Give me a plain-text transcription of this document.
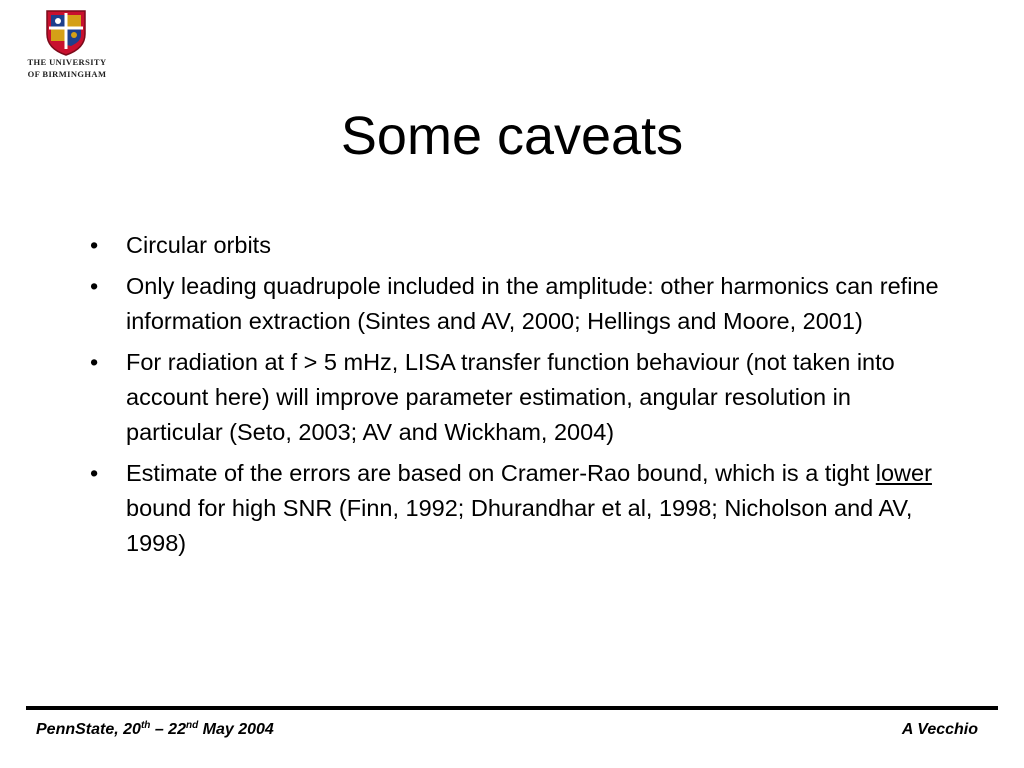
THE UNIVERSITY
OF BIRMINGHAM
Some caveats
•	Circular orbits
•	Only leading quadrupole included in the amplitude: other harmonics can refine information extraction (Sintes and AV, 2000; Hellings and Moore, 2001)
•	For radiation at f > 5 mHz, LISA transfer function behaviour (not taken into account here) will improve parameter estimation, angular resolution in particular (Seto, 2003; AV and Wickham, 2004)
•	Estimate of the errors are based on Cramer-Rao bound, which is a tight lower bound for high SNR (Finn, 1992; Dhurandhar et al, 1998; Nicholson and AV, 1998)
PennState, 20th – 22nd May 2004	A Vecchio
